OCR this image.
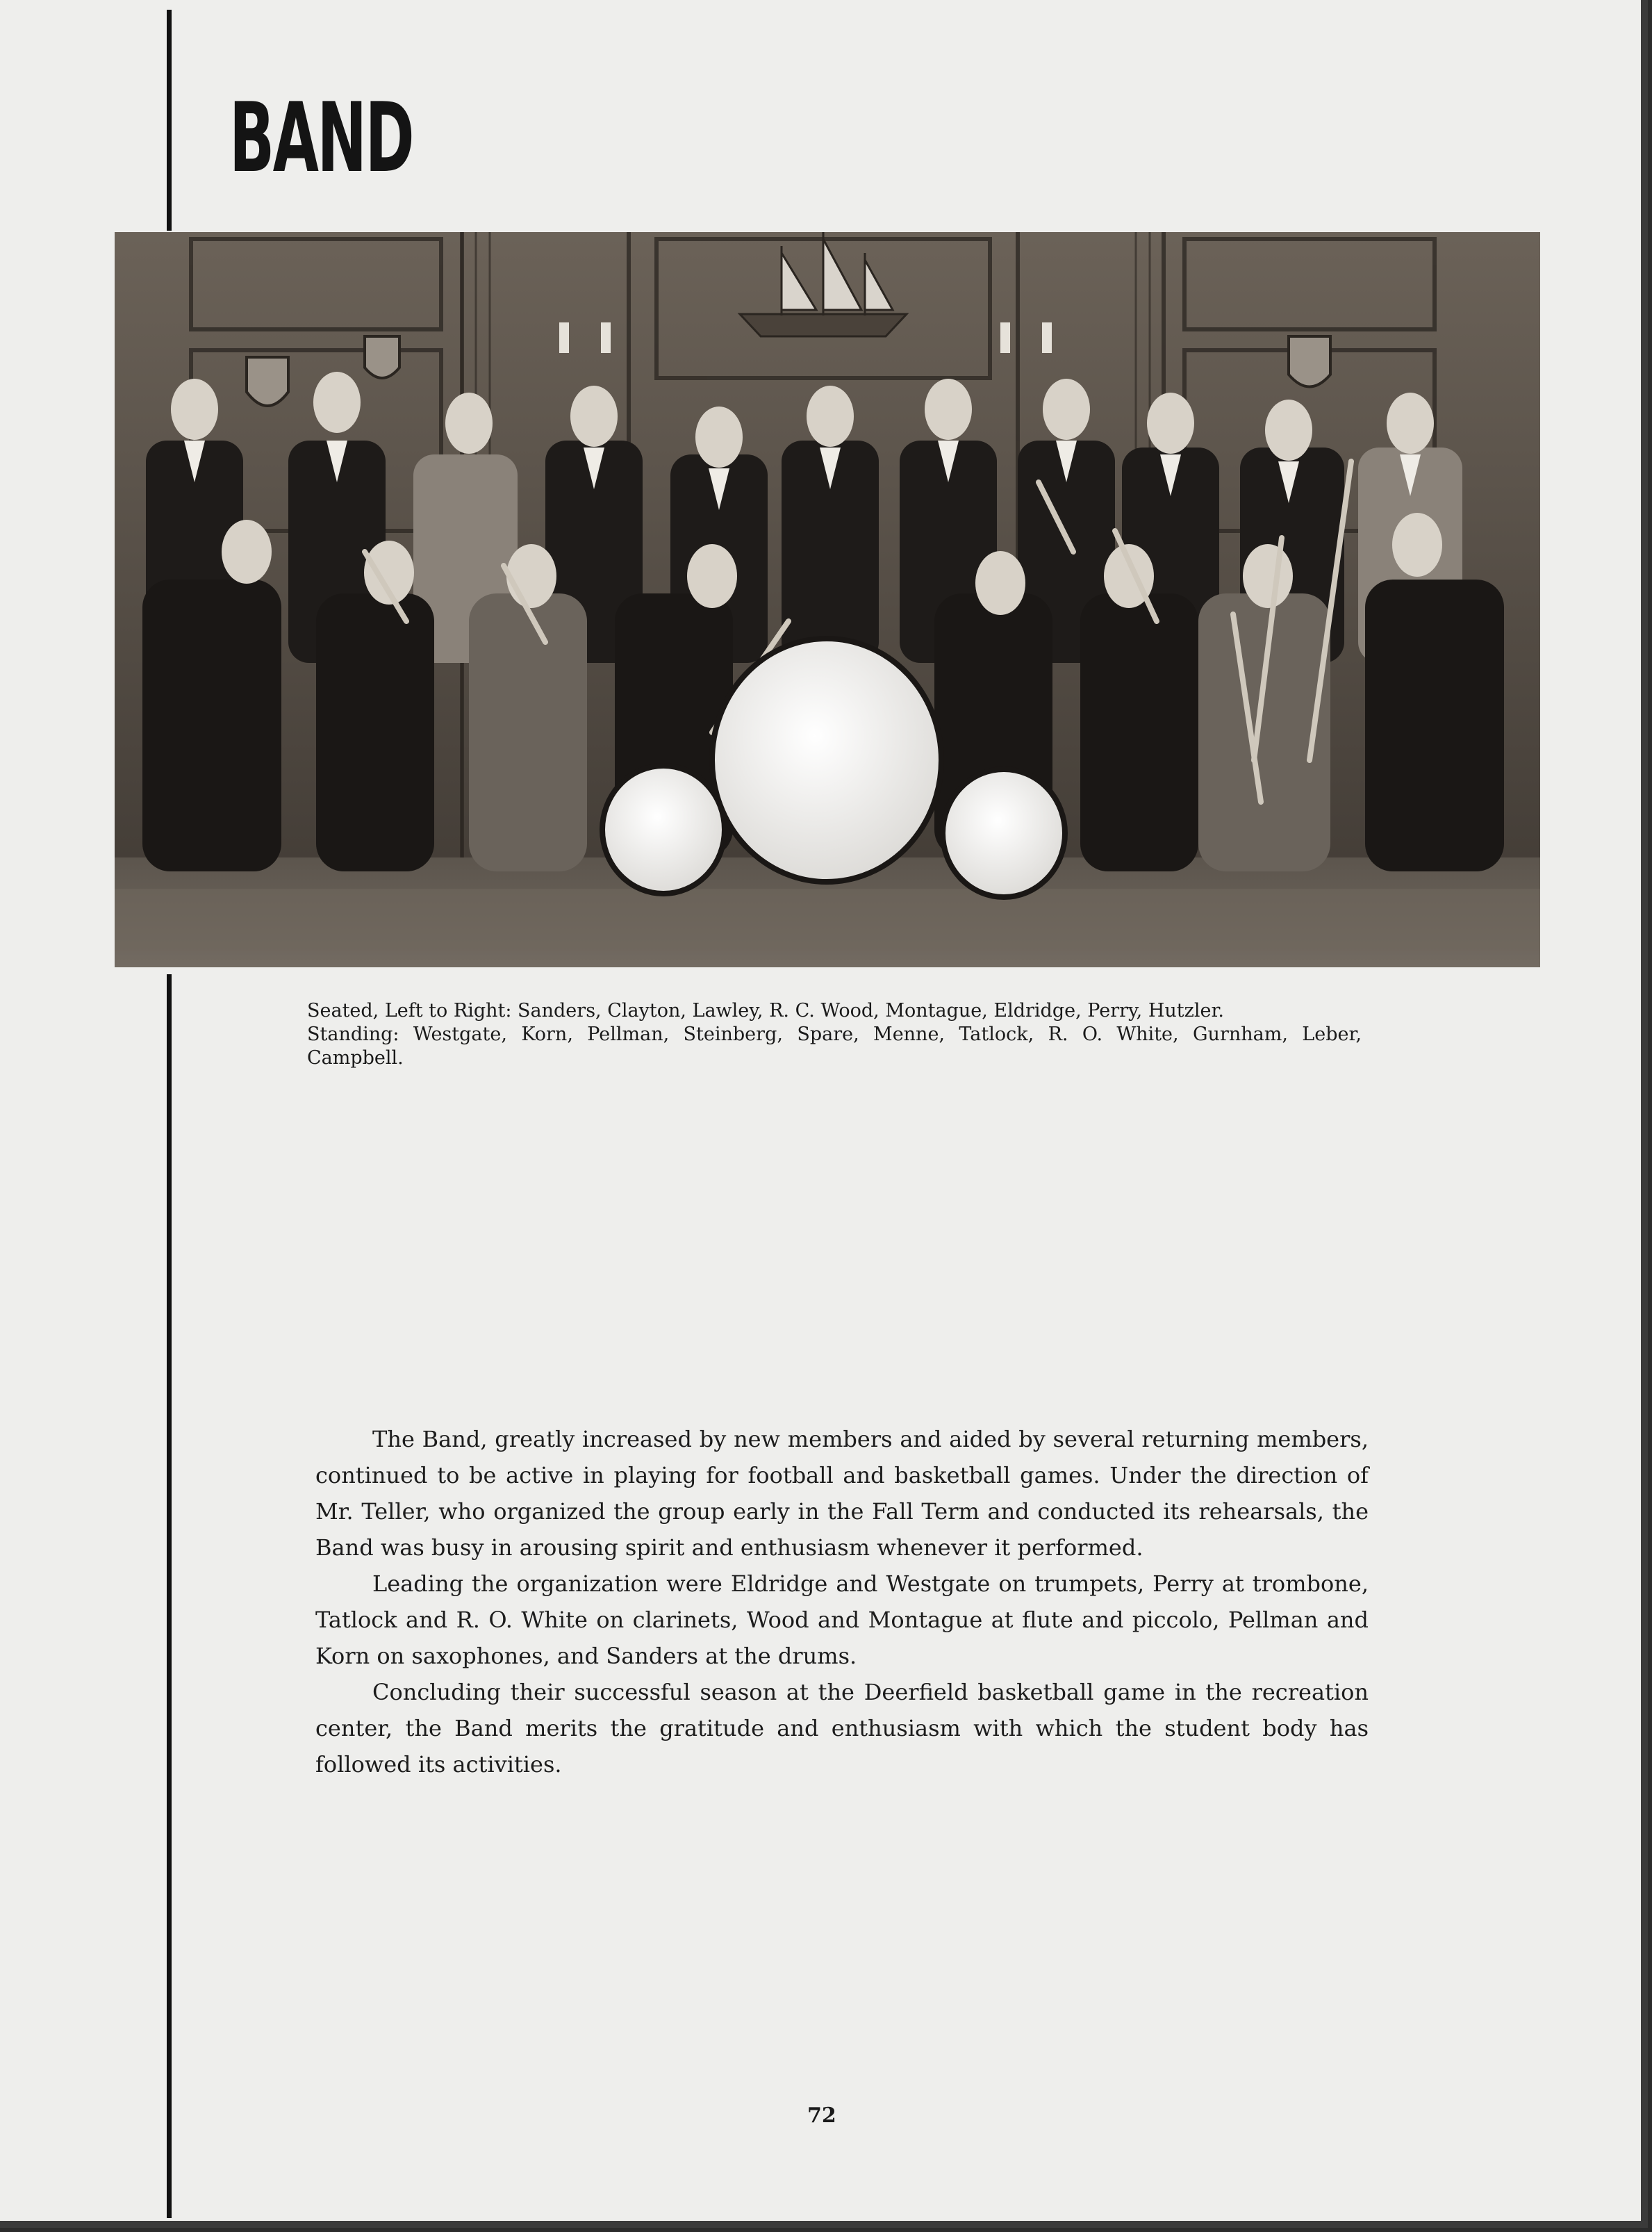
BAND

Seated, Left to Right: Sanders, Clayton, Lawley, R. C. Wood, Montague, Eldridge, Perry, Hutzler.

Standing: Westgate, Korn, Pellman, Steinberg, Spare, Menne, Tatlock, R. O. White, Gurnham, Leber, Campbell.

The Band, greatly increased by new members and aided by several returning members, continued to be active in playing for football and basketball games. Under the direction of Mr. Teller, who organized the group early in the Fall Term and conducted its rehearsals, the Band was busy in arousing spirit and enthusiasm whenever it performed.

Leading the organization were Eldridge and Westgate on trumpets, Perry at trombone, Tatlock and R. O. White on clarinets, Wood and Montague at flute and piccolo, Pellman and Korn on saxophones, and Sanders at the drums.

Concluding their successful season at the Deerfield basketball game in the recreation center, the Band merits the gratitude and enthusiasm with which the student body has followed its activities.

72
